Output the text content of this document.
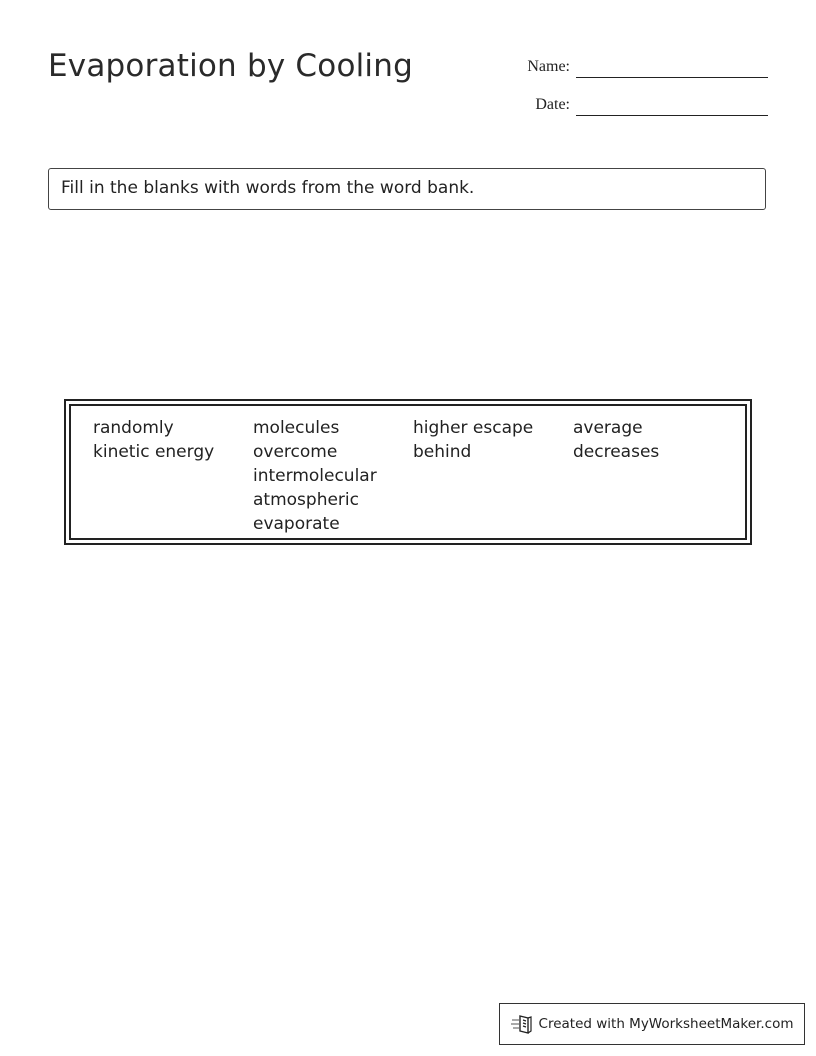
Evaporation by Cooling	Name:
Date:
Fill in the blanks with words from the word bank.
randomly
kinetic energy
molecules
overcome
intermolecular
atmospheric
evaporate
higher escape
behind
average
decreases
Created with MyWorksheetMaker.com
